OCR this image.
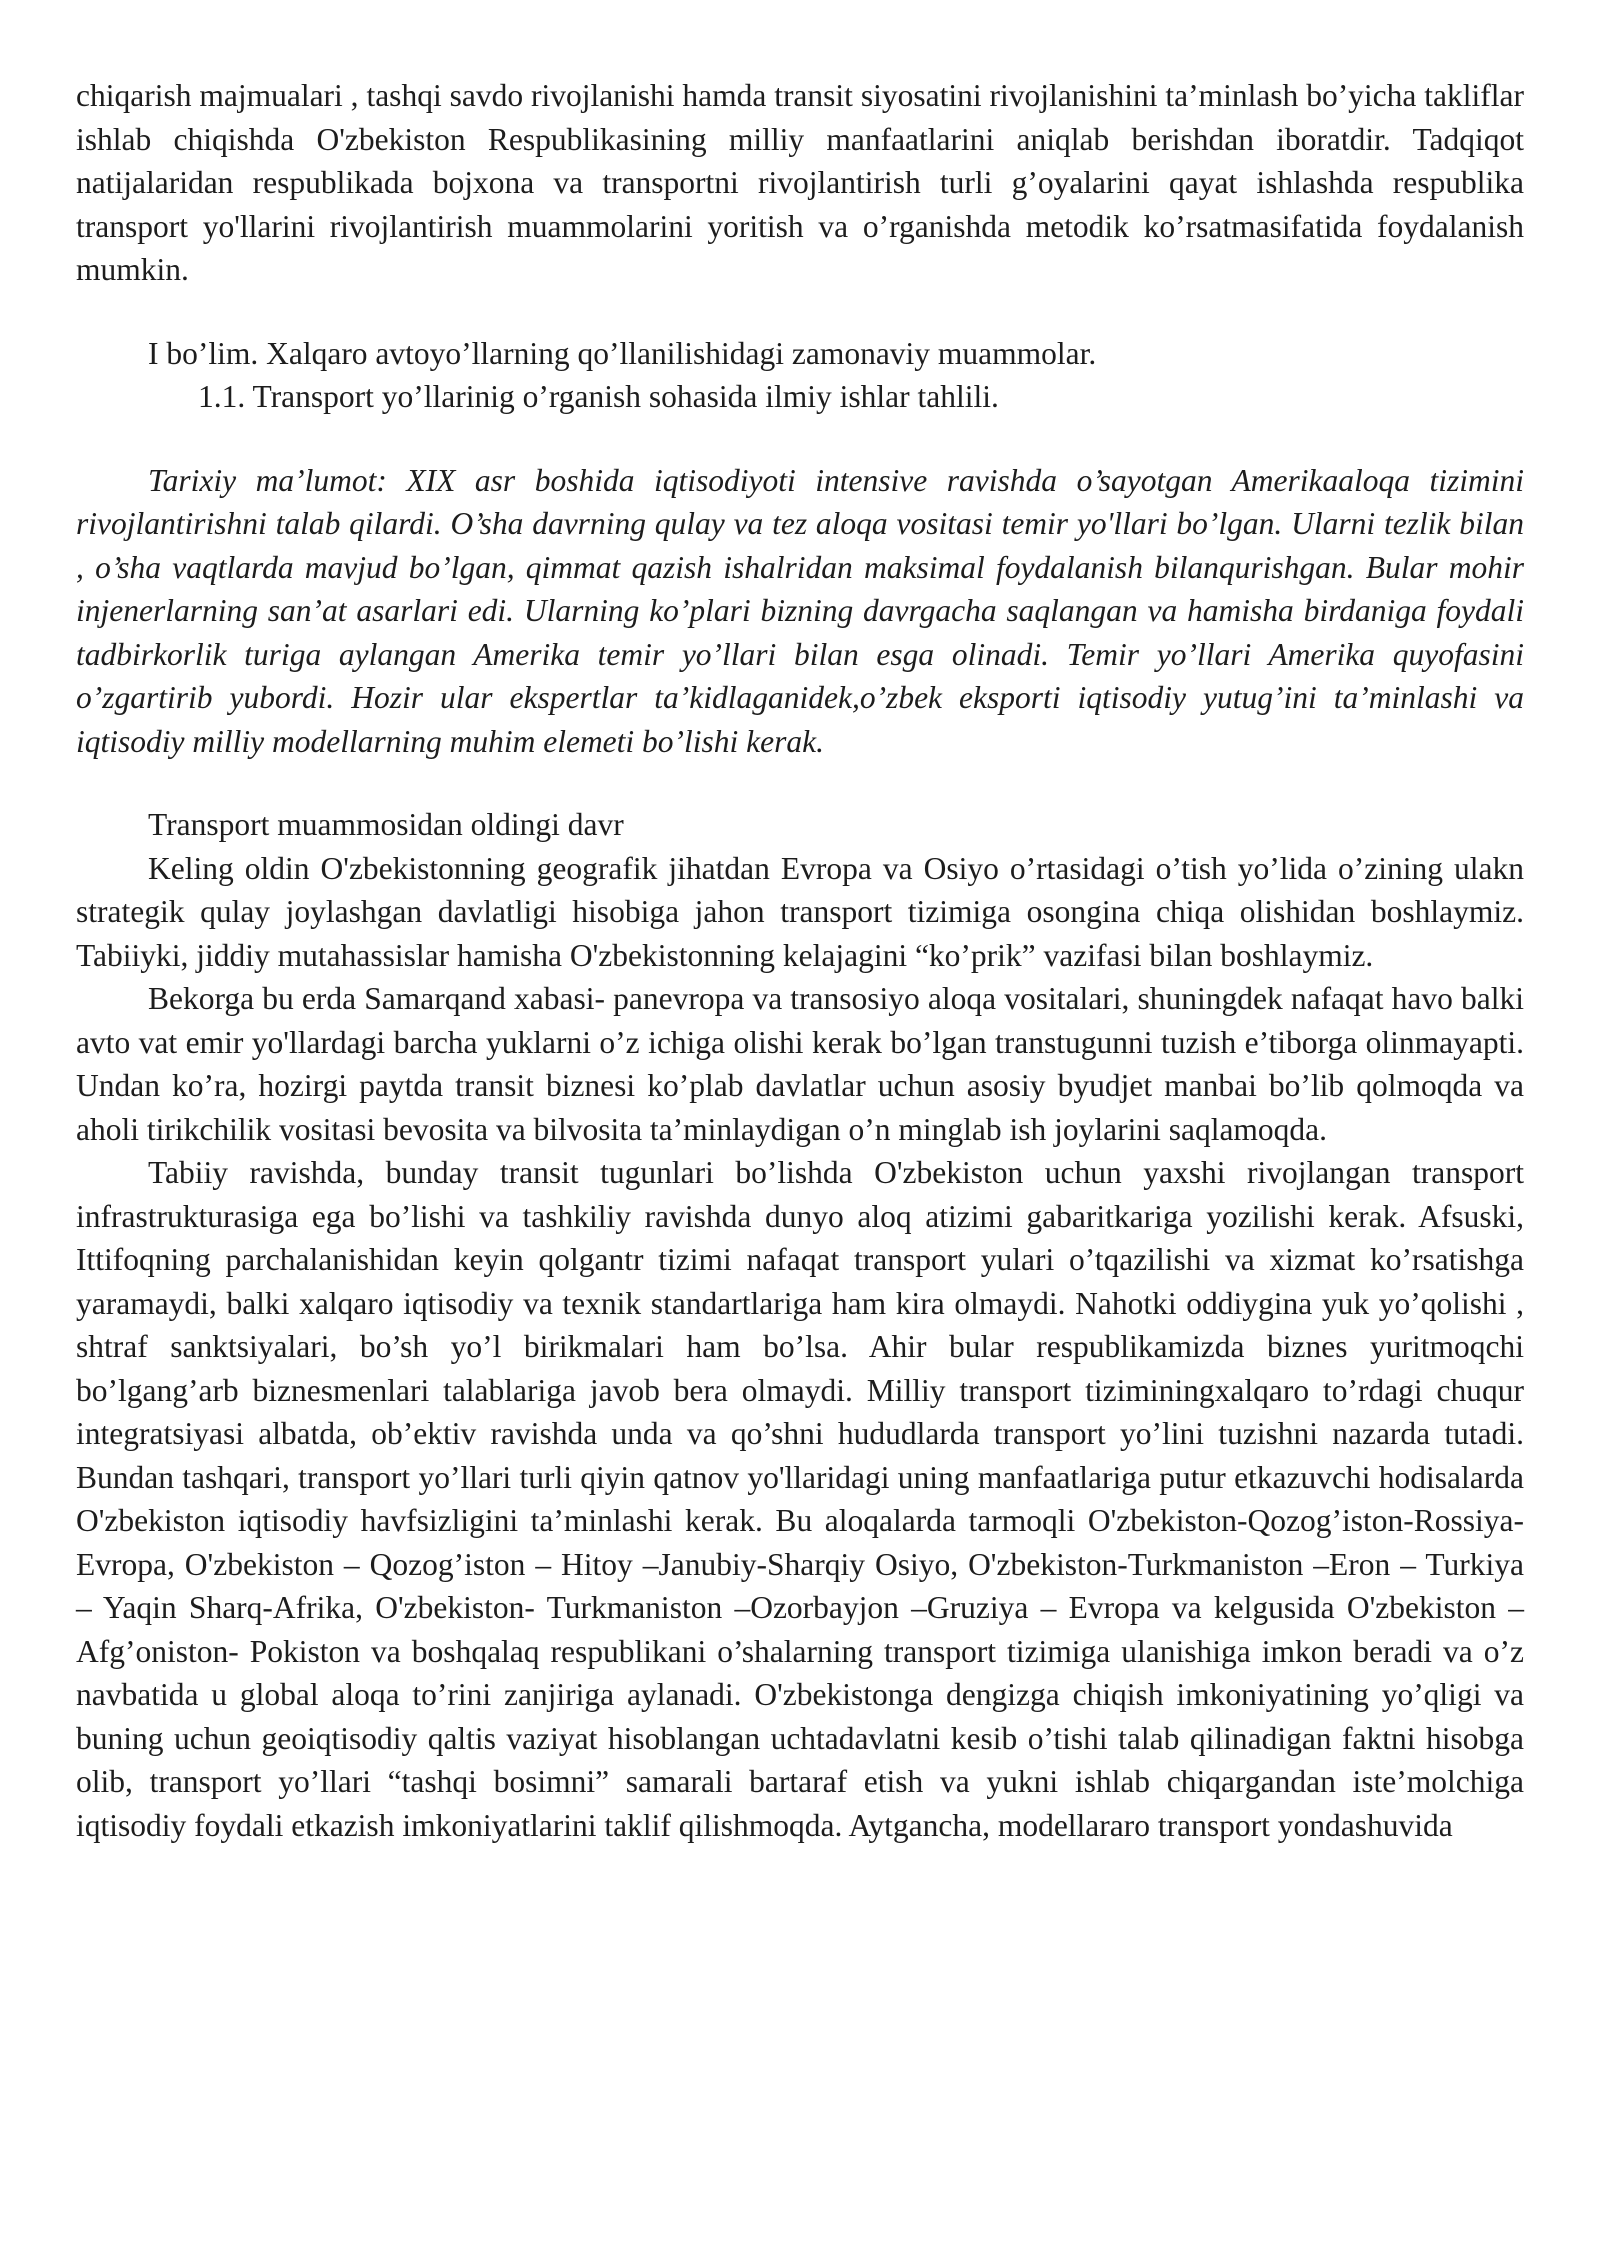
chiqarish majmualari , tashqi savdo rivojlanishi hamda transit siyosatini rivojlanishini ta’minlash bo’yicha takliflar ishlab chiqishda O'zbekiston Respublikasining milliy manfaatlarini aniqlab berishdan iboratdir. Tadqiqot natijalaridan respublikada bojxona va transportni rivojlantirish turli g’oyalarini qayat ishlashda respublika transport yo'llarini rivojlantirish muammolarini yoritish va o’rganishda metodik ko’rsatmasifatida foydalanish mumkin.

I bo’lim. Xalqaro avtoyo’llarning qo’llanilishidagi zamonaviy muammolar.

1.1. Transport yo’llarinig o’rganish sohasida ilmiy ishlar tahlili.

Tarixiy ma’lumot: XIX asr boshida iqtisodiyoti intensive ravishda o’sayotgan Amerikaaloqa tizimini rivojlantirishni talab qilardi. O’sha davrning qulay va tez aloqa vositasi temir yo'llari bo’lgan. Ularni tezlik bilan , o’sha vaqtlarda mavjud bo’lgan, qimmat qazish ishalridan maksimal foydalanish bilanqurishgan. Bular mohir injenerlarning san’at asarlari edi. Ularning ko’plari bizning davrgacha saqlangan va hamisha birdaniga foydali tadbirkorlik turiga aylangan Amerika temir yo’llari bilan esga olinadi. Temir yo’llari Amerika quyofasini o’zgartirib yubordi. Hozir ular ekspertlar ta’kidlaganidek,o’zbek eksporti iqtisodiy yutug’ini ta’minlashi va iqtisodiy milliy modellarning muhim elemeti bo’lishi kerak.

Transport muammosidan oldingi davr

Keling oldin O'zbekistonning geografik jihatdan Evropa va Osiyo o’rtasidagi o’tish yo’lida o’zining ulakn strategik qulay joylashgan davlatligi hisobiga jahon transport tizimiga osongina chiqa olishidan boshlaymiz. Tabiiyki, jiddiy mutahassislar hamisha O'zbekistonning kelajagini “ko’prik” vazifasi bilan boshlaymiz.

Bekorga bu erda Samarqand xabasi- panevropa va transosiyo aloqa vositalari, shuningdek nafaqat havo balki avto vat emir yo'llardagi barcha yuklarni o’z ichiga olishi kerak bo’lgan transtugunni tuzish e’tiborga olinmayapti. Undan ko’ra, hozirgi paytda transit biznesi ko’plab davlatlar uchun asosiy byudjet manbai bo’lib qolmoqda va aholi tirikchilik vositasi bevosita va bilvosita ta’minlaydigan o’n minglab ish joylarini saqlamoqda.

Tabiiy ravishda, bunday transit tugunlari bo’lishda O'zbekiston uchun yaxshi rivojlangan transport infrastrukturasiga ega bo’lishi va tashkiliy ravishda dunyo aloq atizimi gabaritkariga yozilishi kerak. Afsuski, Ittifoqning parchalanishidan keyin qolgantr tizimi nafaqat transport yulari o’tqazilishi va xizmat ko’rsatishga yaramaydi, balki xalqaro iqtisodiy va texnik standartlariga ham kira olmaydi. Nahotki oddiygina yuk yo’qolishi , shtraf sanktsiyalari, bo’sh yo’l birikmalari ham bo’lsa. Ahir bular respublikamizda biznes yuritmoqchi bo’lgang’arb biznesmenlari talablariga javob bera olmaydi. Milliy transport tiziminingxalqaro to’rdagi chuqur integratsiyasi albatda, ob’ektiv ravishda unda va qo’shni hududlarda transport yo’lini tuzishni nazarda tutadi. Bundan tashqari, transport yo’llari turli qiyin qatnov yo'llaridagi uning manfaatlariga putur etkazuvchi hodisalarda O'zbekiston iqtisodiy havfsizligini ta’minlashi kerak. Bu aloqalarda tarmoqli O'zbekiston-Qozog’iston-Rossiya-Evropa, O'zbekiston – Qozog’iston – Hitoy –Janubiy-Sharqiy Osiyo, O'zbekiston-Turkmaniston –Eron – Turkiya – Yaqin Sharq-Afrika, O'zbekiston- Turkmaniston –Ozorbayjon –Gruziya – Evropa va kelgusida O'zbekiston – Afg’oniston- Pokiston va boshqalaq respublikani o’shalarning transport tizimiga ulanishiga imkon beradi va o’z navbatida u global aloqa to’rini zanjiriga aylanadi. O'zbekistonga dengizga chiqish imkoniyatining yo’qligi va buning uchun geoiqtisodiy qaltis vaziyat hisoblangan uchtadavlatni kesib o’tishi talab qilinadigan faktni hisobga olib, transport yo’llari “tashqi bosimni” samarali bartaraf etish va yukni ishlab chiqargandan iste’molchiga iqtisodiy foydali etkazish imkoniyatlarini taklif qilishmoqda. Aytgancha, modellararo transport yondashuvida
